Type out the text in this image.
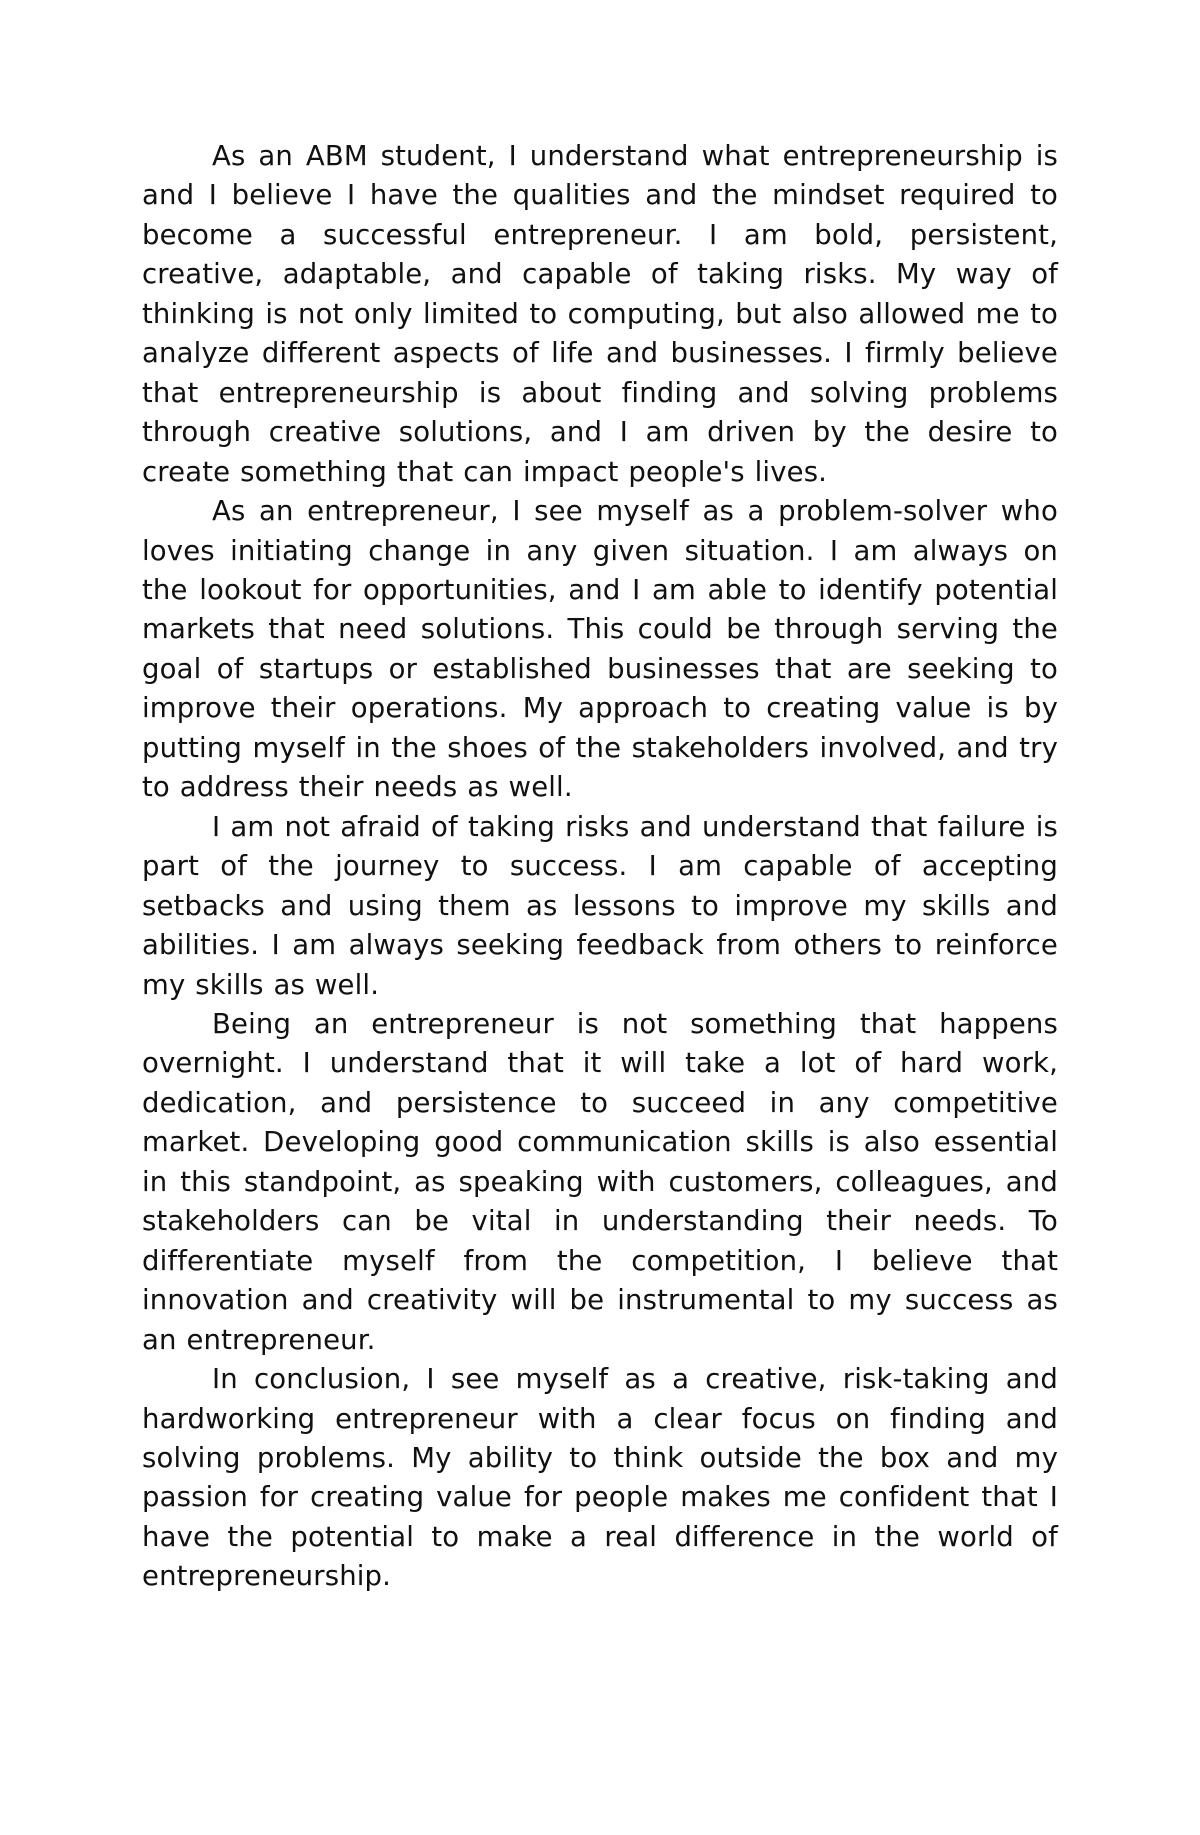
As an ABM student, I understand what entrepreneurship is and I believe I have the qualities and the mindset required to become a successful entrepreneur. I am bold, persistent, creative, adaptable, and capable of taking risks. My way of thinking is not only limited to computing, but also allowed me to analyze different aspects of life and businesses. I firmly believe that entrepreneurship is about finding and solving problems through creative solutions, and I am driven by the desire to create something that can impact people's lives.

As an entrepreneur, I see myself as a problem-solver who loves initiating change in any given situation. I am always on the lookout for opportunities, and I am able to identify potential markets that need solutions. This could be through serving the goal of startups or established businesses that are seeking to improve their operations. My approach to creating value is by putting myself in the shoes of the stakeholders involved, and try to address their needs as well.

I am not afraid of taking risks and understand that failure is part of the journey to success. I am capable of accepting setbacks and using them as lessons to improve my skills and abilities. I am always seeking feedback from others to reinforce my skills as well.

Being an entrepreneur is not something that happens overnight. I understand that it will take a lot of hard work, dedication, and persistence to succeed in any competitive market. Developing good communication skills is also essential in this standpoint, as speaking with customers, colleagues, and stakeholders can be vital in understanding their needs. To differentiate myself from the competition, I believe that innovation and creativity will be instrumental to my success as an entrepreneur.

In conclusion, I see myself as a creative, risk-taking and hardworking entrepreneur with a clear focus on finding and solving problems. My ability to think outside the box and my passion for creating value for people makes me confident that I have the potential to make a real difference in the world of entrepreneurship.
